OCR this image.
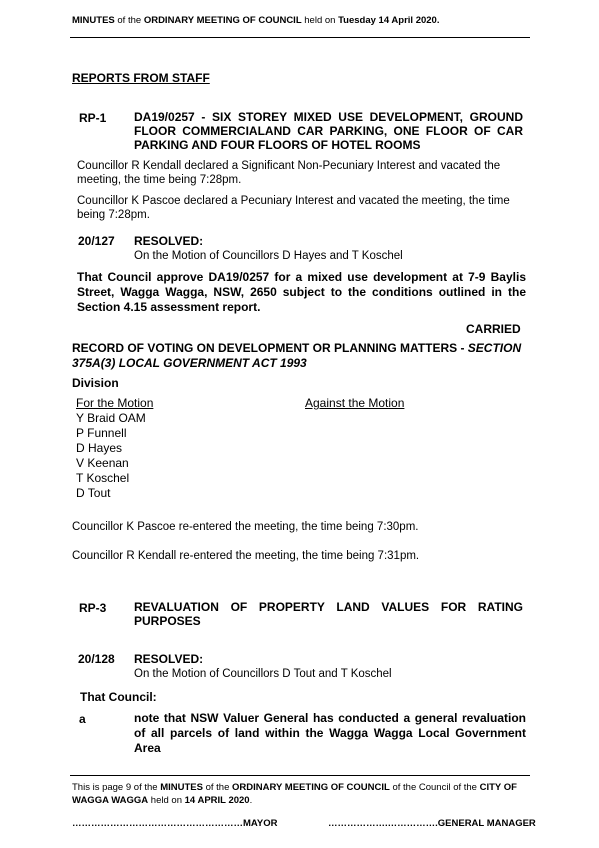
MINUTES of the ORDINARY MEETING OF COUNCIL held on Tuesday 14 April 2020.
REPORTS FROM STAFF
RP-1 DA19/0257 - SIX STOREY MIXED USE DEVELOPMENT, GROUND FLOOR COMMERCIALAND CAR PARKING, ONE FLOOR OF CAR PARKING AND FOUR FLOORS OF HOTEL ROOMS
Councillor R Kendall declared a Significant Non-Pecuniary Interest and vacated the meeting, the time being 7:28pm.
Councillor K Pascoe declared a Pecuniary Interest and vacated the meeting, the time being 7:28pm.
20/127 RESOLVED:
On the Motion of Councillors D Hayes and T Koschel
That Council approve DA19/0257 for a mixed use development at 7-9 Baylis Street, Wagga Wagga, NSW, 2650 subject to the conditions outlined in the Section 4.15 assessment report.
CARRIED
RECORD OF VOTING ON DEVELOPMENT OR PLANNING MATTERS - SECTION 375A(3) LOCAL GOVERNMENT ACT 1993
Division
For the Motion	Against the Motion
Y Braid OAM
P Funnell
D Hayes
V Keenan
T Koschel
D Tout
Councillor K Pascoe re-entered the meeting, the time being 7:30pm.
Councillor R Kendall re-entered the meeting, the time being 7:31pm.
RP-3 REVALUATION OF PROPERTY LAND VALUES FOR RATING PURPOSES
20/128 RESOLVED:
On the Motion of Councillors D Tout and T Koschel
That Council:
a	note that NSW Valuer General has conducted a general revaluation of all parcels of land within the Wagga Wagga Local Government Area
This is page 9 of the MINUTES of the ORDINARY MEETING OF COUNCIL of the Council of the CITY OF WAGGA WAGGA held on 14 APRIL 2020.
………………………………………………MAYOR	……………….…………….GENERAL MANAGER
